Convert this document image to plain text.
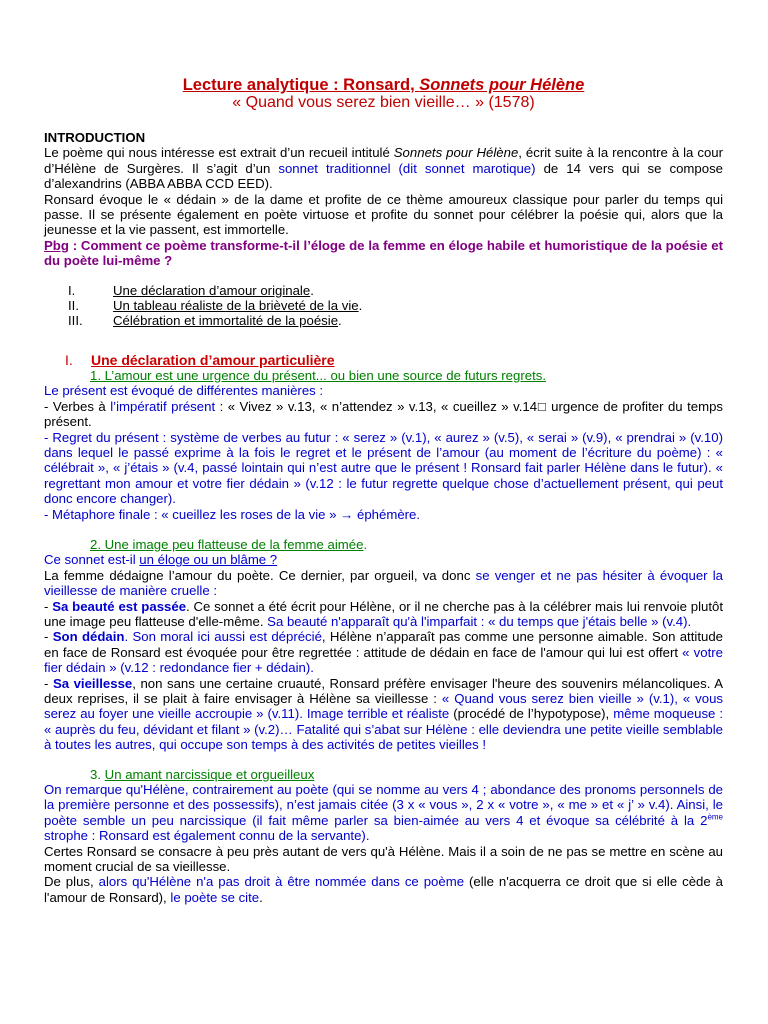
Lecture analytique : Ronsard, Sonnets pour Hélène
« Quand vous serez bien vieille… » (1578)
INTRODUCTION
Le poème qui nous intéresse est extrait d’un recueil intitulé Sonnets pour Hélène, écrit suite à la rencontre à la cour d’Hélène de Surgères. Il s’agit d’un sonnet traditionnel (dit sonnet marotique) de 14 vers qui se compose d’alexandrins (ABBA ABBA CCD EED).
Ronsard évoque le « dédain » de la dame et profite de ce thème amoureux classique pour parler du temps qui passe. Il se présente également en poète virtuose et profite du sonnet pour célébrer la poésie qui, alors que la jeunesse et la vie passent, est immortelle.
Pbg : Comment ce poème transforme-t-il l’éloge de la femme en éloge habile et humoristique de la poésie et du poète lui-même ?
I.	Une déclaration d’amour originale.
II.	Un tableau réaliste de la brièveté de la vie.
III.	Célébration et immortalité de la poésie.
I.	Une déclaration d’amour particulière
1. L’amour est une urgence du présent... ou bien une source de futurs regrets.
Le présent est évoqué de différentes manières :
- Verbes à l’impératif présent : « Vivez » v.13, « n’attendez » v.13, « cueillez » v.14□ urgence de profiter du temps présent.
- Regret du présent : système de verbes au futur : « serez » (v.1), « aurez » (v.5), « serai » (v.9), « prendrai » (v.10) dans lequel le passé exprime à la fois le regret et le présent de l’amour (au moment de l’écriture du poème) : « célébrait », « j’étais » (v.4, passé lointain qui n’est autre que le présent ! Ronsard fait parler Hélène dans le futur). « regrettant mon amour et votre fier dédain » (v.12 : le futur regrette quelque chose d’actuellement présent, qui peut donc encore changer).
- Métaphore finale : « cueillez les roses de la vie » → éphémère.
2. Une image peu flatteuse de la femme aimée.
Ce sonnet est-il un éloge ou un blâme ?
La femme dédaigne l’amour du poète. Ce dernier, par orgueil, va donc se venger et ne pas hésiter à évoquer la vieillesse de manière cruelle :
- Sa beauté est passée. Ce sonnet a été écrit pour Hélène, or il ne cherche pas à la célébrer mais lui renvoie plutôt une image peu flatteuse d'elle-même. Sa beauté n'apparaît qu'à l'imparfait : « du temps que j'étais belle » (v.4).
- Son dédain. Son moral ici aussi est déprécié, Hélène n’apparaît pas comme une personne aimable. Son attitude en face de Ronsard est évoquée pour être regrettée : attitude de dédain en face de l'amour qui lui est offert « votre fier dédain » (v.12 : redondance fier + dédain).
- Sa vieillesse, non sans une certaine cruauté, Ronsard préfère envisager l'heure des souvenirs mélancoliques. A deux reprises, il se plait à faire envisager à Hélène sa vieillesse : « Quand vous serez bien vieille » (v.1), « vous serez au foyer une vieille accroupie » (v.11). Image terrible et réaliste (procédé de l’hypotypose), même moqueuse : « auprès du feu, dévidant et filant » (v.2)… Fatalité qui s’abat sur Hélène : elle deviendra une petite vieille semblable à toutes les autres, qui occupe son temps à des activités de petites vieilles !
3. Un amant narcissique et orgueilleux
On remarque qu'Hélène, contrairement au poète (qui se nomme au vers 4 ; abondance des pronoms personnels de la première personne et des possessifs), n’est jamais citée (3 x « vous », 2 x « votre », « me » et « j’ » v.4). Ainsi, le poète semble un peu narcissique (il fait même parler sa bien-aimée au vers 4 et évoque sa célébrité à la 2ème strophe : Ronsard est également connu de la servante).
Certes Ronsard se consacre à peu près autant de vers qu'à Hélène. Mais il a soin de ne pas se mettre en scène au moment crucial de sa vieillesse.
De plus, alors qu'Hélène n'a pas droit à être nommée dans ce poème (elle n'acquerra ce droit que si elle cède à l'amour de Ronsard), le poète se cite.
